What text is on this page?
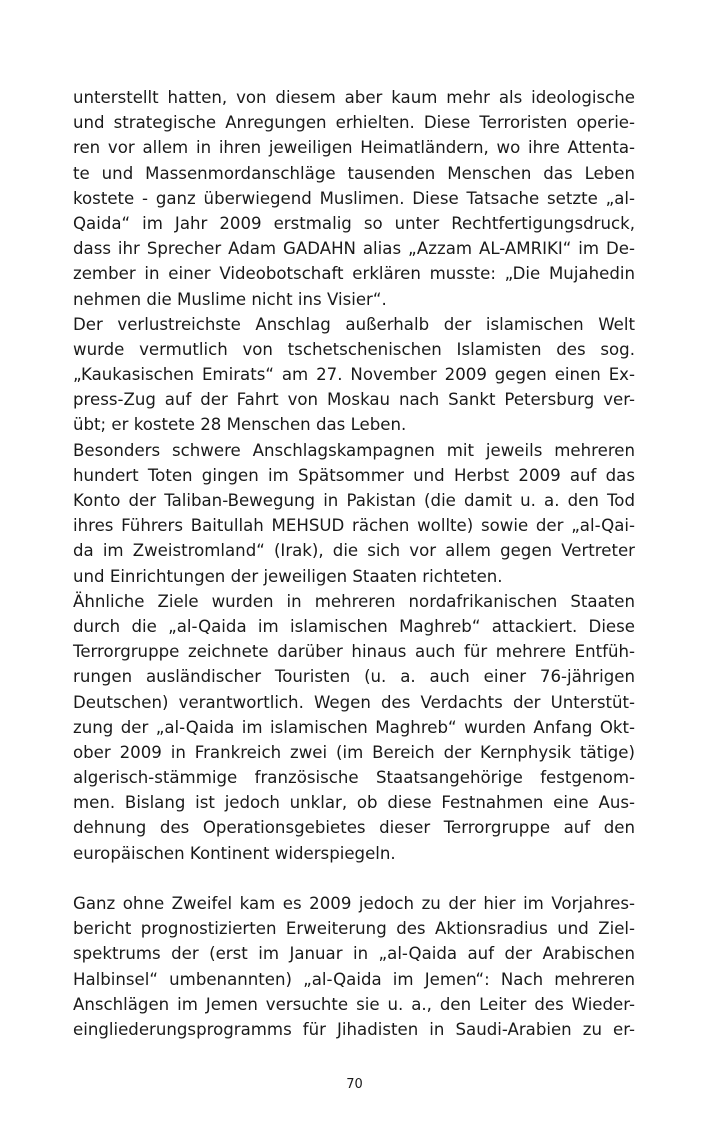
unterstellt hatten, von diesem aber kaum mehr als ideologische
und strategische Anregungen erhielten. Diese Terroristen operie-
ren vor allem in ihren jeweiligen Heimatländern, wo ihre Attenta-
te und Massenmordanschläge tausenden Menschen das Leben
kostete - ganz überwiegend Muslimen. Diese Tatsache setzte „al-
Qaida“ im Jahr 2009 erstmalig so unter Rechtfertigungsdruck,
dass ihr Sprecher Adam GADAHN alias „Azzam AL-AMRIKI“ im De-
zember in einer Videobotschaft erklären musste: „Die Mujahedin
nehmen die Muslime nicht ins Visier“.
Der verlustreichste Anschlag außerhalb der islamischen Welt
wurde vermutlich von tschetschenischen Islamisten des sog.
„Kaukasischen Emirats“ am 27. November 2009 gegen einen Ex-
press-Zug auf der Fahrt von Moskau nach Sankt Petersburg ver-
übt; er kostete 28 Menschen das Leben.
Besonders schwere Anschlagskampagnen mit jeweils mehreren
hundert Toten gingen im Spätsommer und Herbst 2009 auf das
Konto der Taliban-Bewegung in Pakistan (die damit u. a. den Tod
ihres Führers Baitullah MEHSUD rächen wollte) sowie der „al-Qai-
da im Zweistromland“ (Irak), die sich vor allem gegen Vertreter
und Einrichtungen der jeweiligen Staaten richteten.
Ähnliche Ziele wurden in mehreren nordafrikanischen Staaten
durch die „al-Qaida im islamischen Maghreb“ attackiert. Diese
Terrorgruppe zeichnete darüber hinaus auch für mehrere Entfüh-
rungen ausländischer Touristen (u. a. auch einer 76-jährigen
Deutschen) verantwortlich. Wegen des Verdachts der Unterstüt-
zung der „al-Qaida im islamischen Maghreb“ wurden Anfang Okt-
ober 2009 in Frankreich zwei (im Bereich der Kernphysik tätige)
algerisch-stämmige französische Staatsangehörige festgenom-
men. Bislang ist jedoch unklar, ob diese Festnahmen eine Aus-
dehnung des Operationsgebietes dieser Terrorgruppe auf den
europäischen Kontinent widerspiegeln.
Ganz ohne Zweifel kam es 2009 jedoch zu der hier im Vorjahres-
bericht prognostizierten Erweiterung des Aktionsradius und Ziel-
spektrums der (erst im Januar in „al-Qaida auf der Arabischen
Halbinsel“ umbenannten) „al-Qaida im Jemen“: Nach mehreren
Anschlägen im Jemen versuchte sie u. a., den Leiter des Wieder-
eingliederungsprogramms für Jihadisten in Saudi-Arabien zu er-
70
